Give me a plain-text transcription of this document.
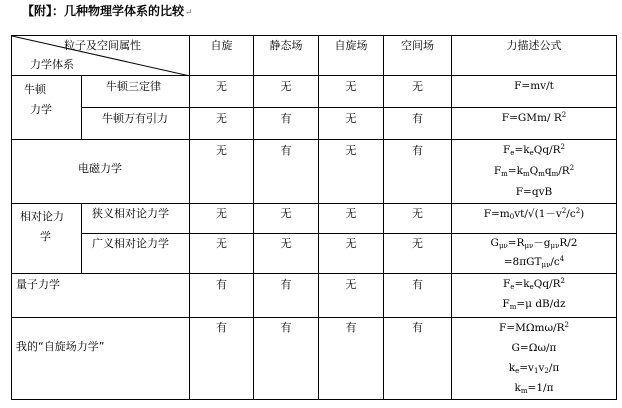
【附】：几种物理学体系的比较↵
粒子及空间属性
力学体系		自旋	静态场	自旋场	空间场	力描述公式

牛顿
力学	牛顿三定律	无	无	无	无	F=mv/t

	牛顿万有引力	无	有	无	有	F=GMm/ $R^2$

电磁力学		无	有	无	有	$F_e=k_eQq/R^2$
$F_m=k_mQ_mq_m/R^2$
F=qvB

相对论力
学	狭义相对论力学	无	无	无	无	$F=m_0vt/√(1-v^2/c^2)$

	广义相对论力学	无	无	无	无	$G_{\mu\nu}=R_{\mu\nu}-g_{\mu\nu}R/2$
$=8\pi GT_{\mu\nu}/c^4$

量子力学		有	有	无	有	$F_e=k_eQq/R^2$
$F_m=\mu$ dB/dz

我的“自旋场力学”		有	有	有	有	$F=M\Omega m\omega/R^2$
G=Ωω/π
$k_e=v_1v_2/\pi$
$k_m=1/\pi$
